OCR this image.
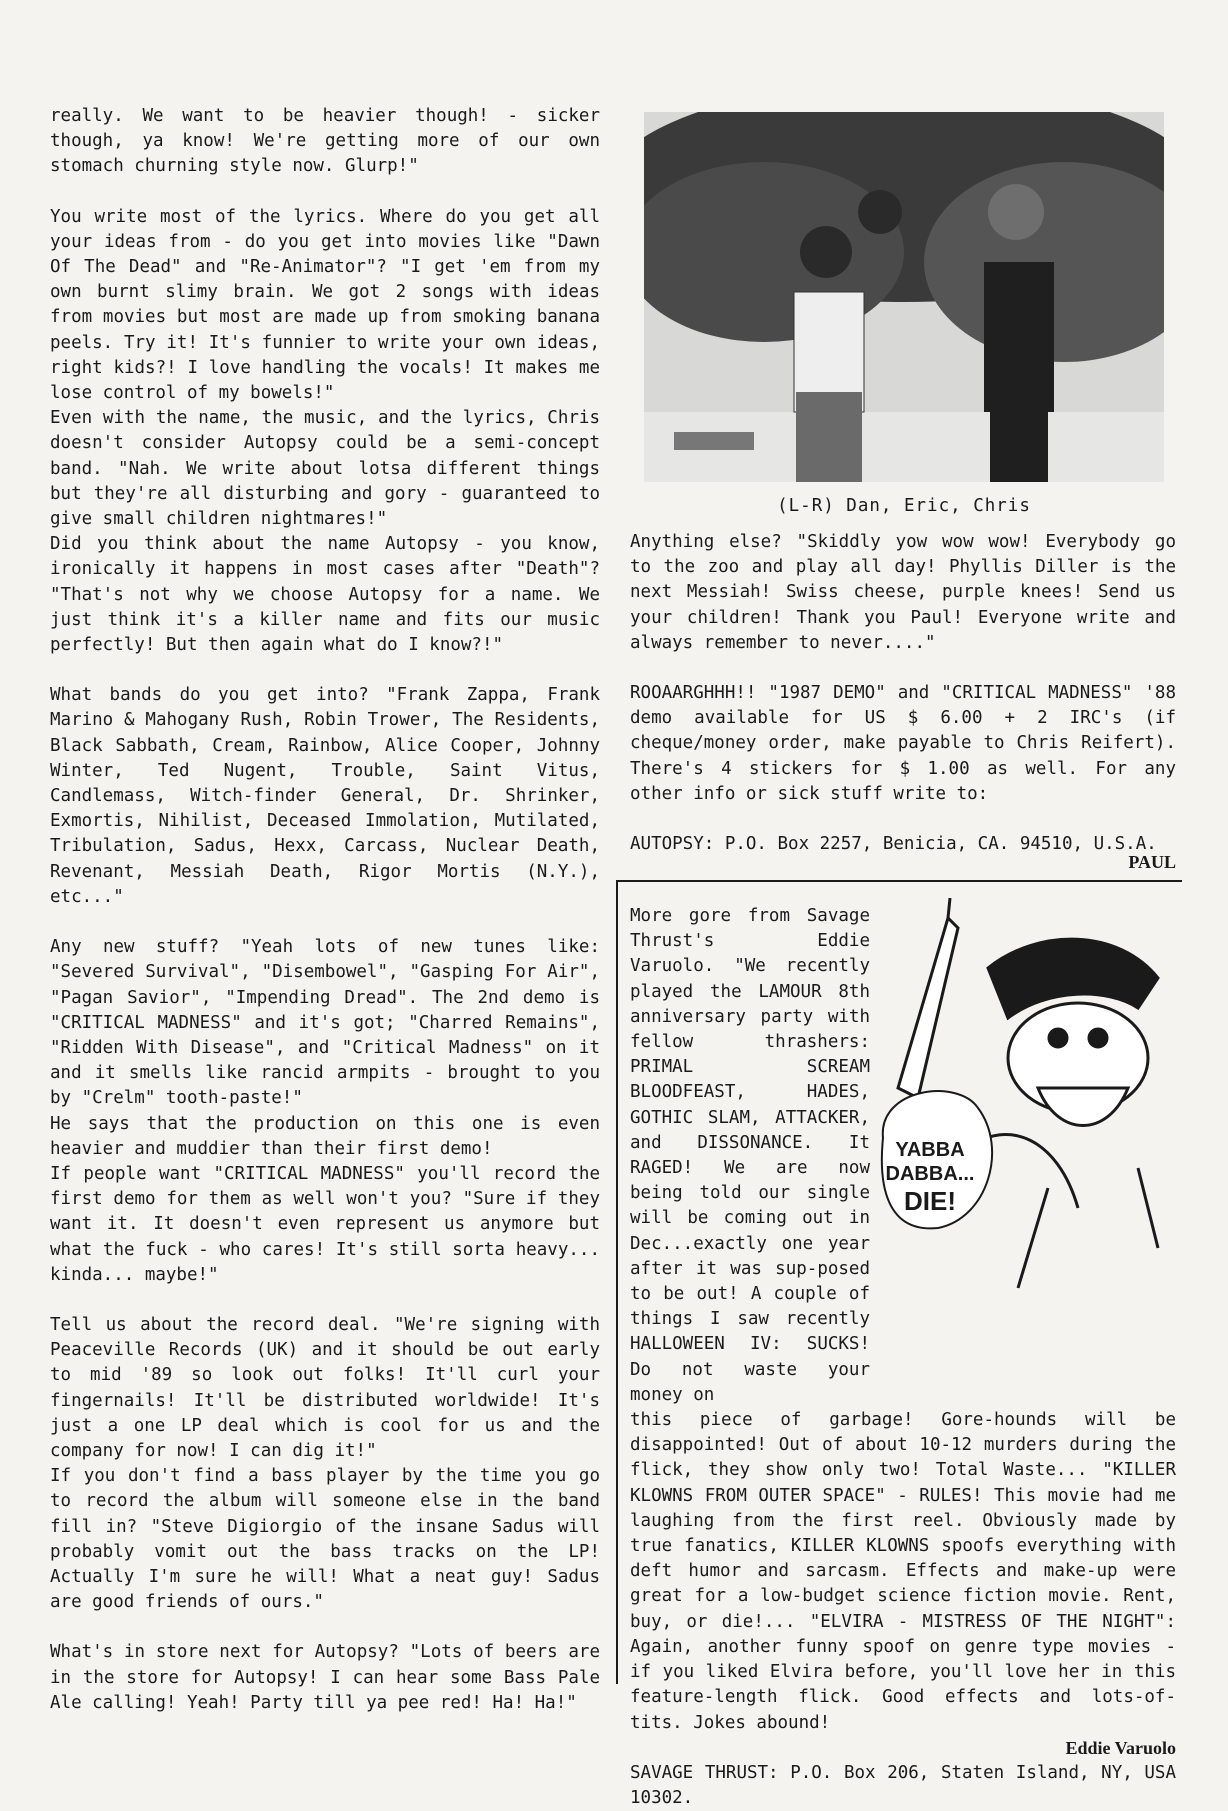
really. We want to be heavier though! - sicker though, ya know! We're getting more of our own stomach churning style now. Glurp!"

You write most of the lyrics. Where do you get all your ideas from - do you get into movies like "Dawn Of The Dead" and "Re-Animator"? "I get 'em from my own burnt slimy brain. We got 2 songs with ideas from movies but most are made up from smoking banana peels. Try it! It's funnier to write your own ideas, right kids?! I love handling the vocals! It makes me lose control of my bowels!"

Even with the name, the music, and the lyrics, Chris doesn't consider Autopsy could be a semi-concept band. "Nah. We write about lotsa different things but they're all disturbing and gory - guaranteed to give small children nightmares!"

Did you think about the name Autopsy - you know, ironically it happens in most cases after "Death"? "That's not why we choose Autopsy for a name. We just think it's a killer name and fits our music perfectly! But then again what do I know?!"

What bands do you get into? "Frank Zappa, Frank Marino & Mahogany Rush, Robin Trower, The Residents, Black Sabbath, Cream, Rainbow, Alice Cooper, Johnny Winter, Ted Nugent, Trouble, Saint Vitus, Candlemass, Witch-finder General, Dr. Shrinker, Exmortis, Nihilist, Deceased Immolation, Mutilated, Tribulation, Sadus, Hexx, Carcass, Nuclear Death, Revenant, Messiah Death, Rigor Mortis (N.Y.), etc..."

Any new stuff? "Yeah lots of new tunes like: "Severed Survival", "Disembowel", "Gasping For Air", "Pagan Savior", "Impending Dread". The 2nd demo is "CRITICAL MADNESS" and it's got; "Charred Remains", "Ridden With Disease", and "Critical Madness" on it and it smells like rancid armpits - brought to you by "Crelm" tooth-paste!"

He says that the production on this one is even heavier and muddier than their first demo!

If people want "CRITICAL MADNESS" you'll record the first demo for them as well won't you? "Sure if they want it. It doesn't even represent us anymore but what the fuck - who cares! It's still sorta heavy... kinda... maybe!"

Tell us about the record deal. "We're signing with Peaceville Records (UK) and it should be out early to mid '89 so look out folks! It'll curl your fingernails! It'll be distributed worldwide! It's just a one LP deal which is cool for us and the company for now! I can dig it!"

If you don't find a bass player by the time you go to record the album will someone else in the band fill in? "Steve Digiorgio of the insane Sadus will probably vomit out the bass tracks on the LP! Actually I'm sure he will! What a neat guy! Sadus are good friends of ours."

What's in store next for Autopsy? "Lots of beers are in the store for Autopsy! I can hear some Bass Pale Ale calling! Yeah! Party till ya pee red! Ha! Ha!"

(L-R) Dan, Eric, Chris

Anything else? "Skiddly yow wow wow! Everybody go to the zoo and play all day! Phyllis Diller is the next Messiah! Swiss cheese, purple knees! Send us your children! Thank you Paul! Everyone write and always remember to never...."

ROOAARGHHH!! "1987 DEMO" and "CRITICAL MADNESS" '88 demo available for US $ 6.00 + 2 IRC's (if cheque/money order, make payable to Chris Reifert). There's 4 stickers for $ 1.00 as well. For any other info or sick stuff write to:

AUTOPSY: P.O. Box 2257, Benicia, CA. 94510, U.S.A.

PAUL

More gore from Savage Thrust's Eddie Varuolo. "We recently played the LAMOUR 8th anniversary party with fellow thrashers: PRIMAL SCREAM BLOODFEAST, HADES, GOTHIC SLAM, ATTACKER, and DISSONANCE. It RAGED! We are now being told our single will be coming out in Dec...exactly one year after it was sup-posed to be out! A couple of things I saw recently HALLOWEEN IV: SUCKS! Do not waste your money on

this piece of garbage! Gore-hounds will be disappointed! Out of about 10-12 murders during the flick, they show only two! Total Waste... "KILLER KLOWNS FROM OUTER SPACE" - RULES! This movie had me laughing from the first reel. Obviously made by true fanatics, KILLER KLOWNS spoofs everything with deft humor and sarcasm. Effects and make-up were great for a low-budget science fiction movie. Rent, buy, or die!... "ELVIRA - MISTRESS OF THE NIGHT": Again, another funny spoof on genre type movies - if you liked Elvira before, you'll love her in this feature-length flick. Good effects and lots-of-tits. Jokes abound!

Eddie Varuolo

SAVAGE THRUST: P.O. Box 206, Staten Island, NY, USA 10302.

YABBA
DABBA...
DIE!
